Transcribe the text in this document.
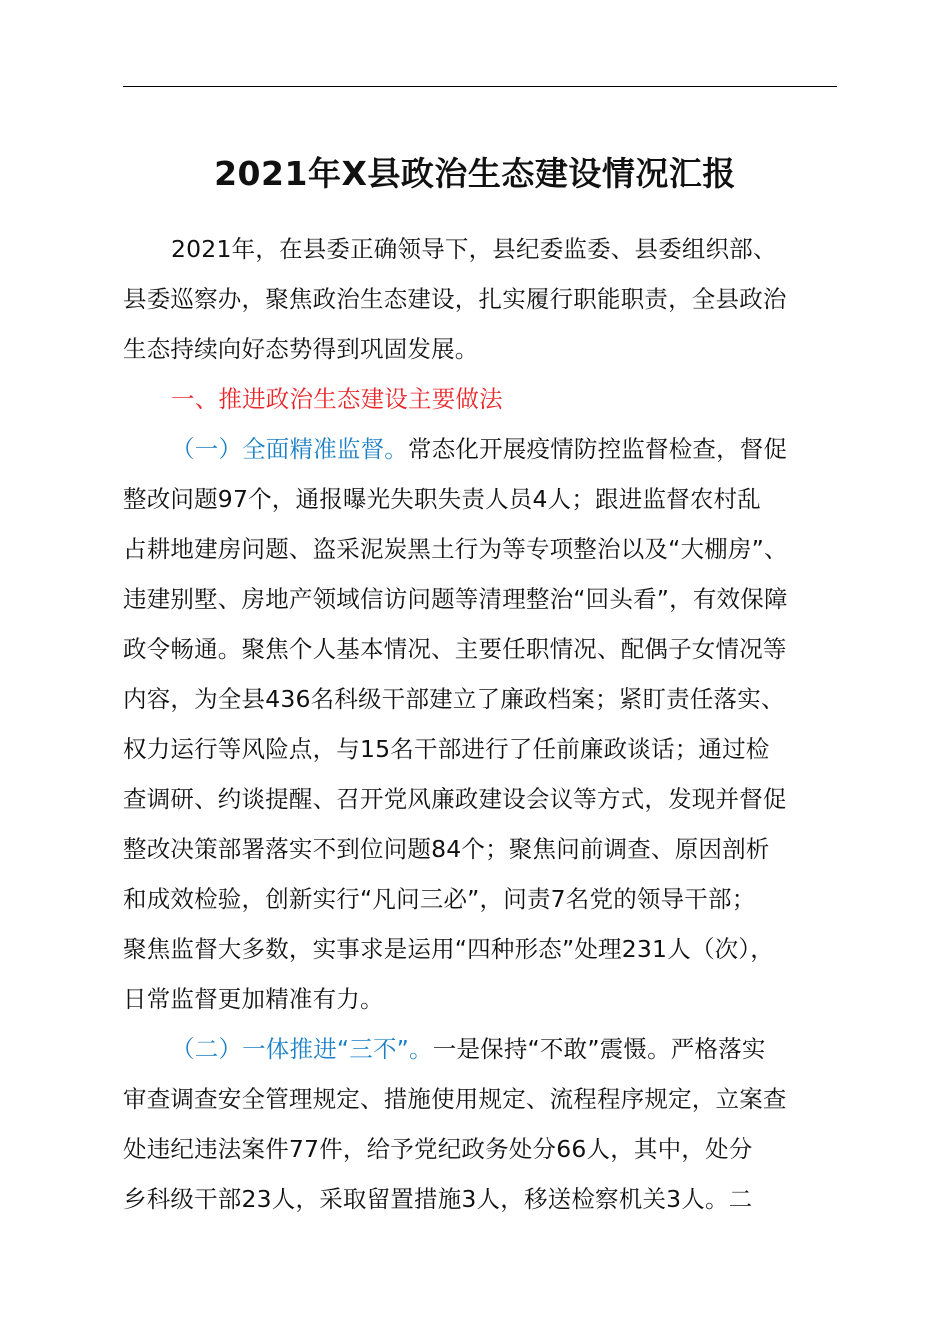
2021年X县政治生态建设情况汇报
2021年，在县委正确领导下，县纪委监委、县委组织部、
县委巡察办，聚焦政治生态建设，扎实履行职能职责，全县政治
生态持续向好态势得到巩固发展。
一、推进政治生态建设主要做法
（一）全面精准监督。常态化开展疫情防控监督检查，督促
整改问题97个，通报曝光失职失责人员4人；跟进监督农村乱
占耕地建房问题、盗采泥炭黑土行为等专项整治以及“大棚房”、
违建别墅、房地产领域信访问题等清理整治“回头看”，有效保障
政令畅通。聚焦个人基本情况、主要任职情况、配偶子女情况等
内容，为全县436名科级干部建立了廉政档案；紧盯责任落实、
权力运行等风险点，与15名干部进行了任前廉政谈话；通过检
查调研、约谈提醒、召开党风廉政建设会议等方式，发现并督促
整改决策部署落实不到位问题84个；聚焦问前调查、原因剖析
和成效检验，创新实行“凡问三必”，问责7名党的领导干部；
聚焦监督大多数，实事求是运用“四种形态”处理231人（次），
日常监督更加精准有力。
（二）一体推进“三不”。一是保持“不敢”震慑。严格落实
审查调查安全管理规定、措施使用规定、流程程序规定，立案查
处违纪违法案件77件，给予党纪政务处分66人，其中，处分
乡科级干部23人，采取留置措施3人，移送检察机关3人。二
